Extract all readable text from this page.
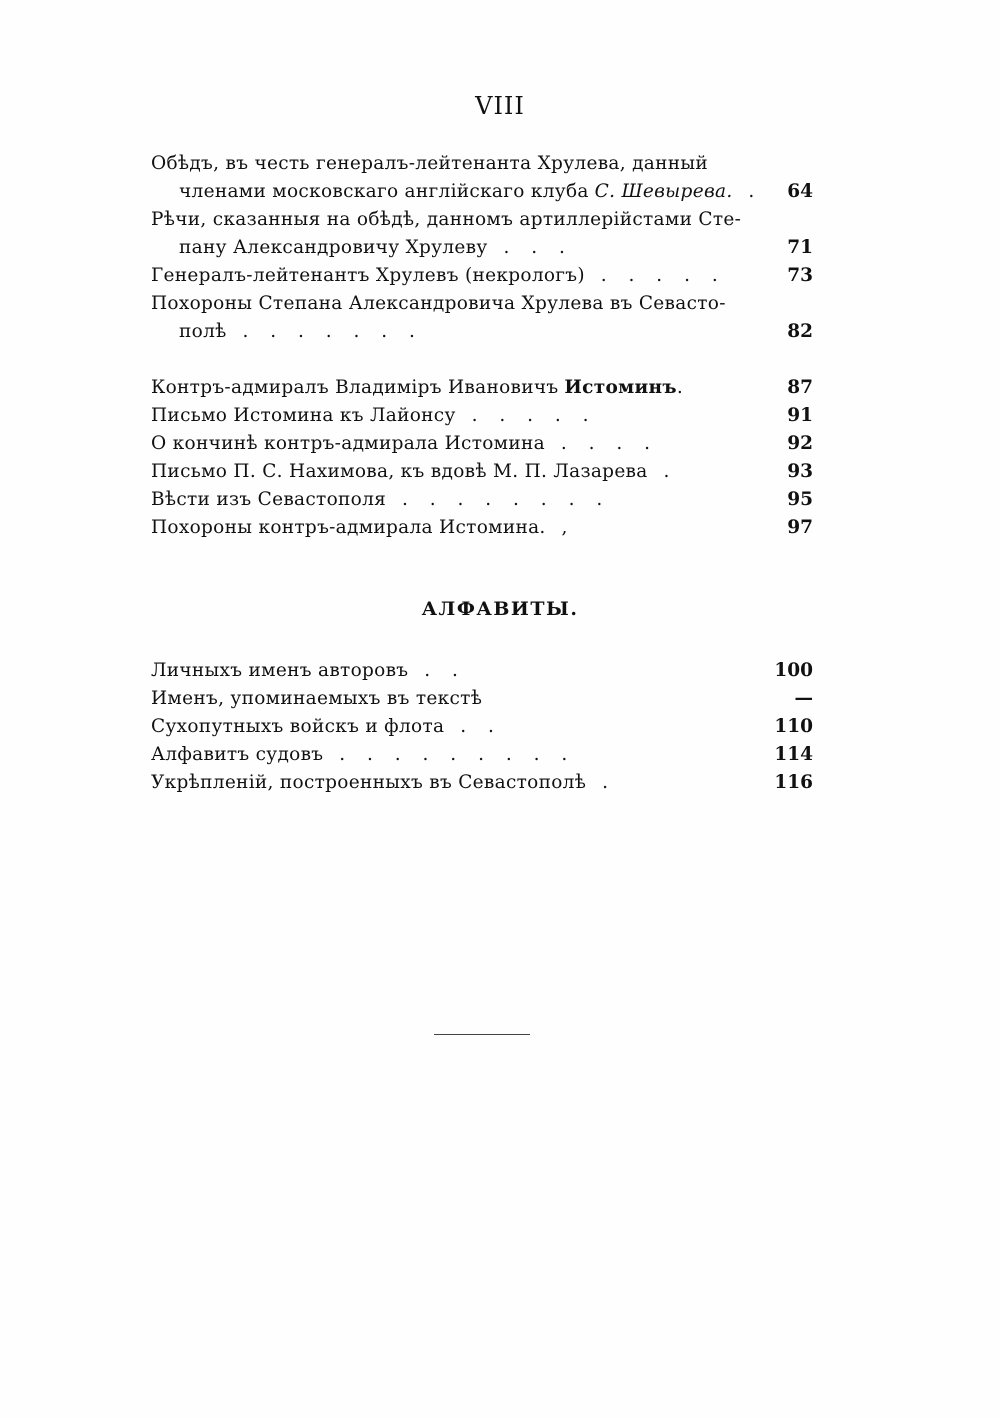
VIII
Обѣдъ, въ честь генералъ-лейтенанта Хрулева, данный
членами московскаго англійскаго клуба С. Шевырева. .	64
Рѣчи, сказанныя на обѣдѣ, данномъ артиллерійстами Сте-
пану Александровичу Хрулеву . . .	71
Генералъ-лейтенантъ Хрулевъ (некрологъ) . . . . .	73
Похороны Степана Александровича Хрулева въ Севасто-
полѣ . . . . . . .	82
Контръ-адмиралъ Владимiръ Ивановичъ Истоминъ.	87
Письмо Истомина къ Лайонсу . . . . .	91
О кончинѣ контръ-адмирала Истомина . . . .	92
Письмо П. С. Нахимова, къ вдовѣ М. П. Лазарева .	93
Вѣсти изъ Севастополя . . . . . . . .	95
Похороны контръ-адмирала Истомина. ,	97
АЛФАВИТЫ.
Личныхъ именъ авторовъ . .	100
Именъ, упоминаемыхъ въ текстѣ	—
Сухопутныхъ войскъ и флота . .	110
Алфавитъ судовъ . . . . . . . . .	114
Укрѣпленій, построенныхъ въ Севастополѣ .	116
